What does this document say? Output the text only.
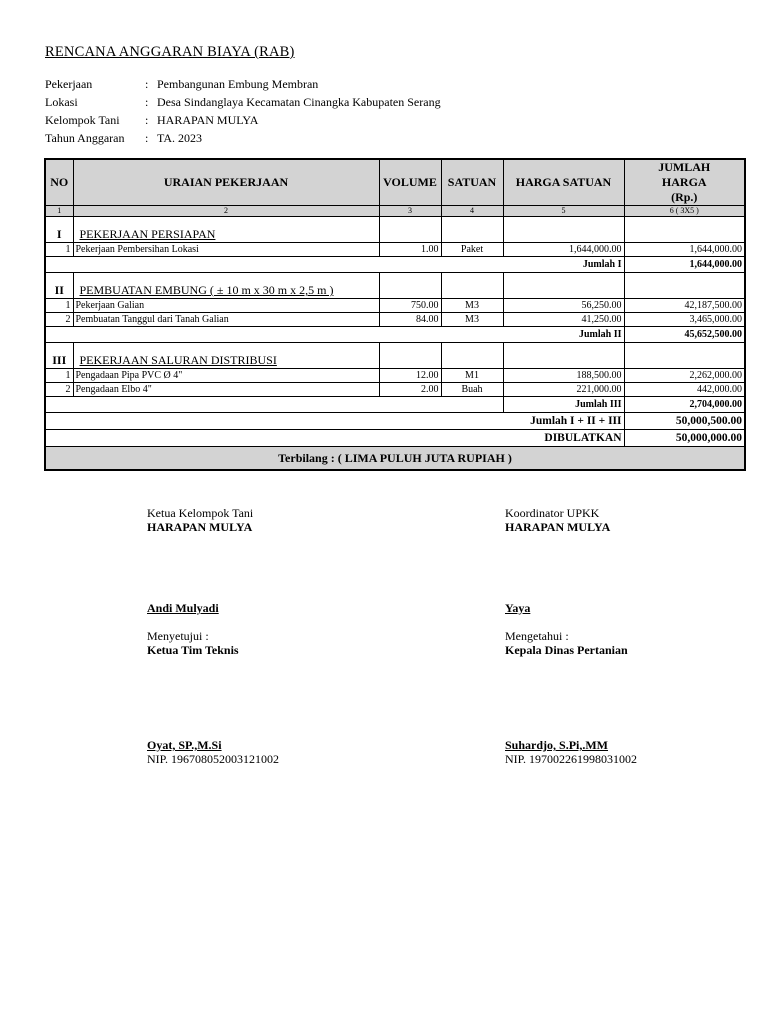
RENCANA ANGGARAN BIAYA (RAB)
Pekerjaan	: Pembangunan Embung Membran
Lokasi	: Desa Sindanglaya Kecamatan Cinangka Kabupaten Serang
Kelompok Tani	: HARAPAN MULYA
Tahun Anggaran	: TA. 2023
NO	URAIAN PEKERJAAN	VOLUME	SATUAN	HARGA SATUAN	JUMLAH
HARGA
(Rp.)

1	2	3	4	5	6 ( 3X5 )
I	PEKERJAAN PERSIAPAN				
1	Pekerjaan Pembersihan Lokasi	1.00	Paket	1,644,000.00	1,644,000.00
Jumlah I					1,644,000.00
II	PEMBUATAN EMBUNG ( ± 10 m x 30 m x 2,5 m )				
1	Pekerjaan Galian	750.00	M3	56,250.00	42,187,500.00
2	Pembuatan Tanggul dari Tanah Galian	84.00	M3	41,250.00	3,465,000.00
Jumlah II					45,652,500.00
III	PEKERJAAN SALURAN DISTRIBUSI				
1	Pengadaan Pipa PVC Ø 4"	12.00	M1	188,500.00	2,262,000.00
2	Pengadaan Elbo 4"	2.00	Buah	221,000.00	442,000.00
				Jumlah III	2,704,000.00
Jumlah I + II + III					50,000,500.00
DIBULATKAN					50,000,000.00
Terbilang : ( LIMA PULUH JUTA RUPIAH )					
Ketua Kelompok Tani
HARAPAN MULYA
Andi Mulyadi
Koordinator UPKK
HARAPAN MULYA
Yaya
Menyetujui :
Ketua Tim Teknis
Oyat, SP.,M.Si
NIP. 196708052003121002
Mengetahui :
Kepala Dinas Pertanian
Suhardjo, S.Pi,.MM
NIP. 197002261998031002
